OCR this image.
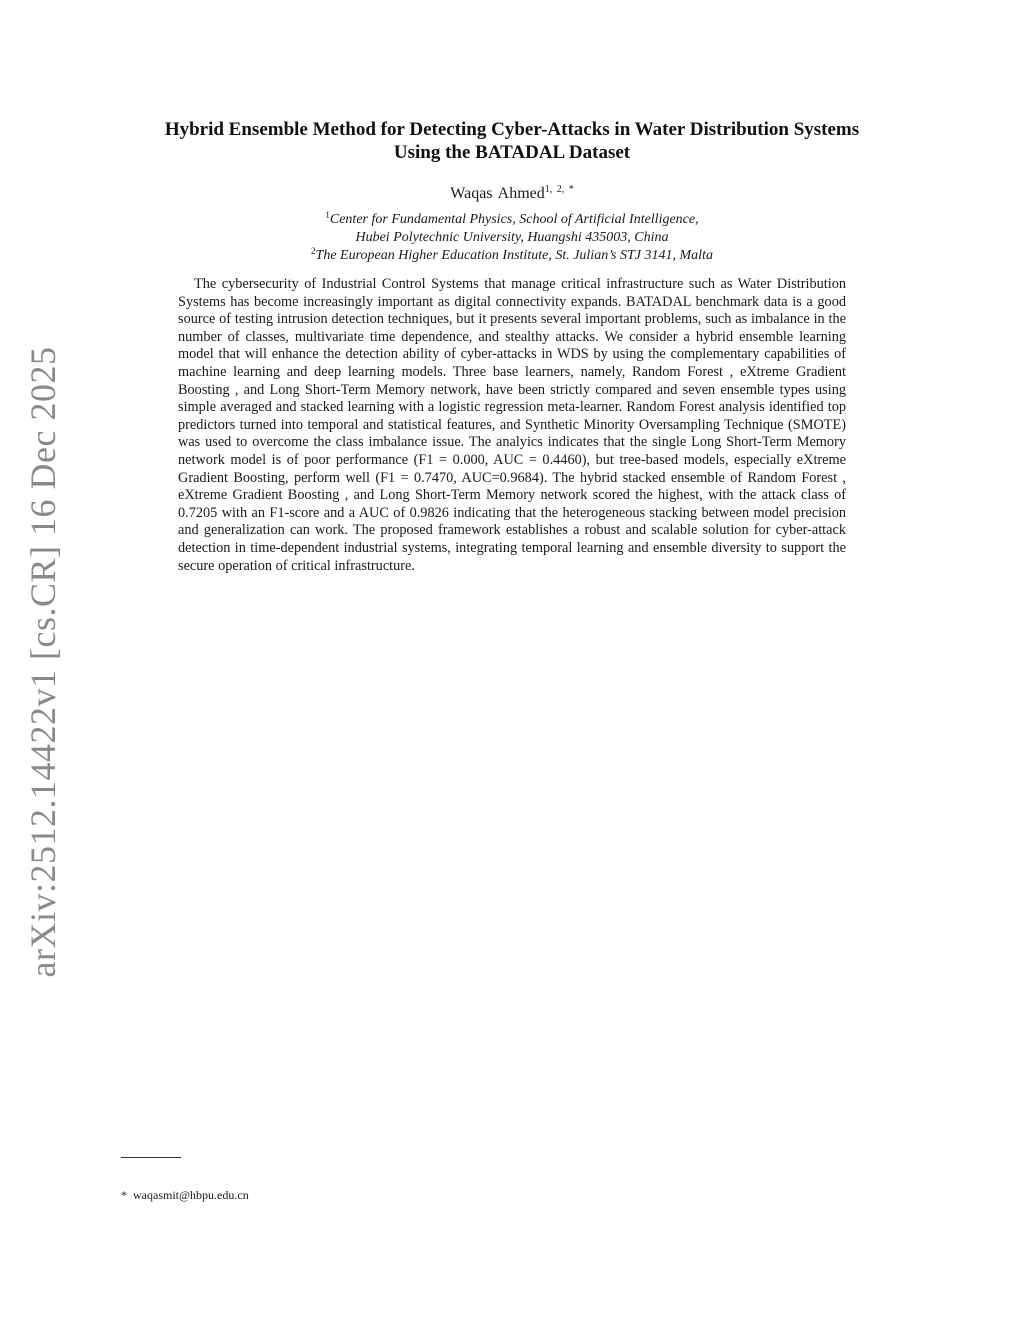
arXiv:2512.14422v1 [cs.CR] 16 Dec 2025
Hybrid Ensemble Method for Detecting Cyber-Attacks in Water Distribution Systems
Using the BATADAL Dataset
Waqas Ahmed$^{1, 2, *}$
$^1$Center for Fundamental Physics, School of Artificial Intelligence,
Hubei Polytechnic University, Huangshi 435003, China
$^2$The European Higher Education Institute, St. Julian’s STJ 3141, Malta

The cybersecurity of Industrial Control Systems that manage critical infrastructure such as Water Distribution Systems has become increasingly important as digital connectivity expands. BATADAL benchmark data is a good source of testing intrusion detection techniques, but it presents several important problems, such as imbalance in the number of classes, multivariate time dependence, and stealthy attacks. We consider a hybrid ensemble learning model that will enhance the detection ability of cyber-attacks in WDS by using the complementary capabilities of machine learning and deep learning models. Three base learners, namely, Random Forest , eXtreme Gradient Boosting , and Long Short-Term Memory network, have been strictly compared and seven ensemble types using simple averaged and stacked learning with a logistic regression meta-learner. Random Forest analysis identified top predictors turned into temporal and statistical features, and Synthetic Minority Oversampling Technique (SMOTE) was used to overcome the class imbalance issue. The analyics indicates that the single Long Short-Term Memory network model is of poor performance (F1 = 0.000, AUC = 0.4460), but tree-based models, especially eXtreme Gradient Boosting, perform well (F1 = 0.7470, AUC=0.9684). The hybrid stacked ensemble of Random Forest , eXtreme Gradient Boosting , and Long Short-Term Memory network scored the highest, with the attack class of 0.7205 with an F1-score and a AUC of 0.9826 indicating that the heterogeneous stacking between model precision and generalization can work. The proposed framework establishes a robust and scalable solution for cyber-attack detection in time-dependent industrial systems, integrating temporal learning and ensemble diversity to support the secure operation of critical infrastructure.

* waqasmit@hbpu.edu.cn
